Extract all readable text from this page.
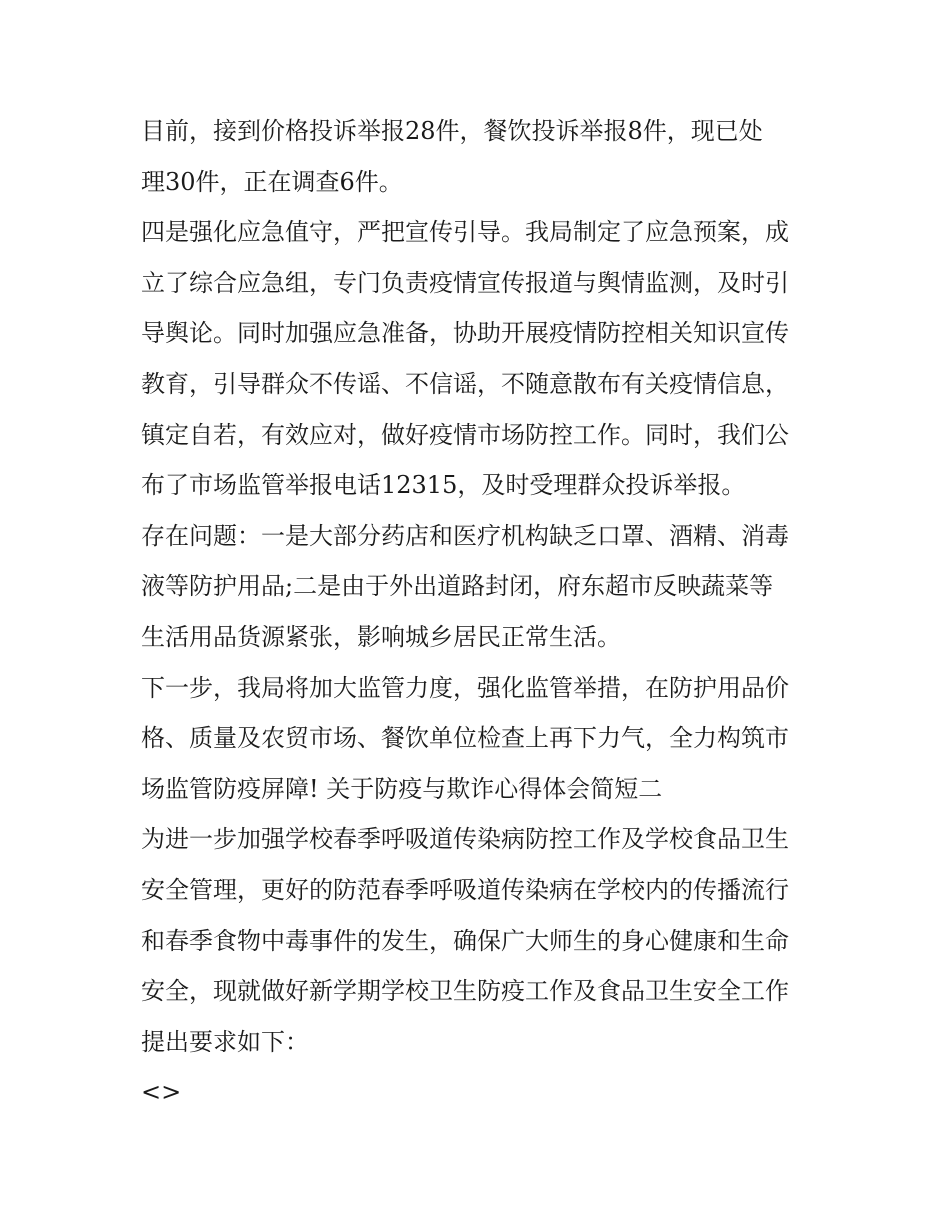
目前，接到价格投诉举报28件，餐饮投诉举报8件，现已处
理30件，正在调查6件。
四是强化应急值守，严把宣传引导。我局制定了应急预案，成
立了综合应急组，专门负责疫情宣传报道与舆情监测，及时引
导舆论。同时加强应急准备，协助开展疫情防控相关知识宣传
教育，引导群众不传谣、不信谣，不随意散布有关疫情信息，
镇定自若，有效应对，做好疫情市场防控工作。同时，我们公
布了市场监管举报电话12315，及时受理群众投诉举报。
存在问题：一是大部分药店和医疗机构缺乏口罩、酒精、消毒
液等防护用品;二是由于外出道路封闭，府东超市反映蔬菜等
生活用品货源紧张，影响城乡居民正常生活。
下一步，我局将加大监管力度，强化监管举措，在防护用品价
格、质量及农贸市场、餐饮单位检查上再下力气，全力构筑市
场监管防疫屏障! 关于防疫与欺诈心得体会简短二
为进一步加强学校春季呼吸道传染病防控工作及学校食品卫生
安全管理，更好的防范春季呼吸道传染病在学校内的传播流行
和春季食物中毒事件的发生，确保广大师生的身心健康和生命
安全，现就做好新学期学校卫生防疫工作及食品卫生安全工作
提出要求如下：
<>
